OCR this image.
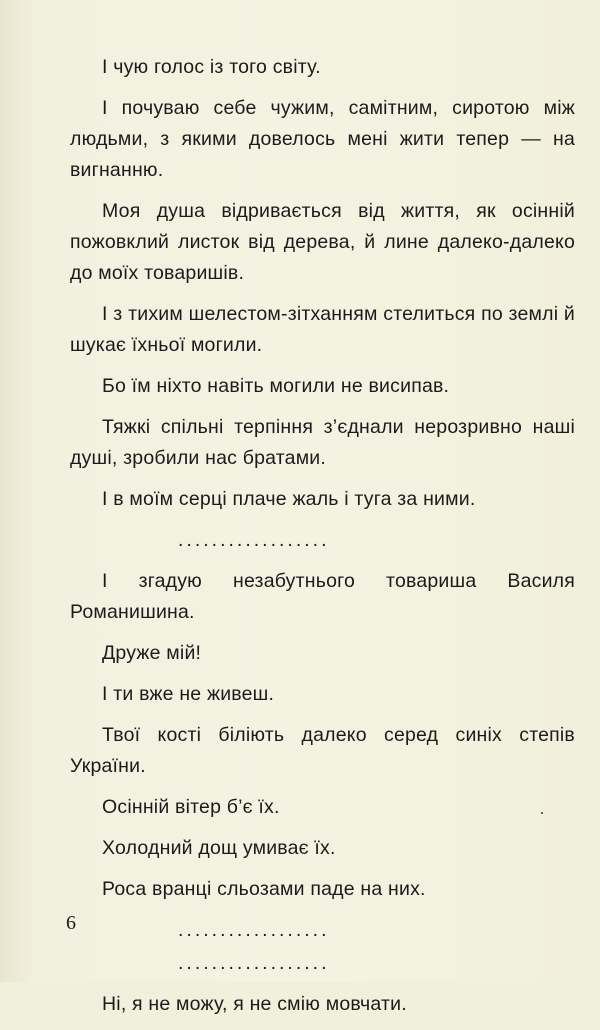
І чую голос із того світу.

І почуваю себе чужим, самітним, сиротою між людьми, з якими довелось мені жити тепер — на вигнанню.

Моя душа відривається від життя, як осінній пожовклий листок від дерева, й лине далеко-далеко до моїх товаришів.

І з тихим шелестом-зітханням стелиться по землі й шукає їхньої могили.

Бо їм ніхто навіть могили не висипав.

Тяжкі спільні терпіння з’єднали нерозривно наші душі, зробили нас братами.

І в моїм серці плаче жаль і туга за ними.

..................

І згадую незабутнього товариша Василя Романишина.

Друже мій!

І ти вже не живеш.

Твої кості біліють далеко серед синіх степів України.

Осінній вітер б’є їх.

Холодний дощ умиває їх.

Роса вранці сльозами паде на них.

..................

..................

Ні, я не можу, я не смію мовчати.

6
